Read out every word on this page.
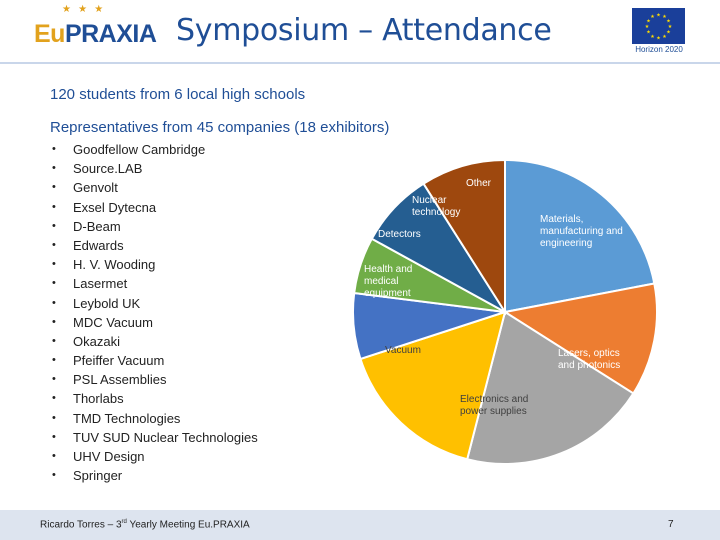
★ ★ ★
EuPRAXIA Symposium – Attendance	★ ★
★
★
★
★
★
★
★
★
★
★
Horizon 2020
120 students from 6 local high schools
Representatives from 45 companies (18 exhibitors)
• Goodfellow Cambridge
• Source.LAB
• Genvolt
• Exsel Dytecna
• D-Beam
• Edwards
• H. V. Wooding
• Lasermet
• Leybold UK
• MDC Vacuum
• Okazaki
• Pfeiffer Vacuum
• PSL Assemblies
• Thorlabs
• TMD Technologies
• TUV SUD Nuclear Technologies
• UHV Design
• Springer
Materials, manufacturing and engineering
Lasers, optics and photonics
Electronics and power supplies
Vacuum
Health and medical equipment
Detectors
Nuclear technology
Other
Ricardo Torres – 3rd Yearly Meeting Eu.PRAXIA	7
